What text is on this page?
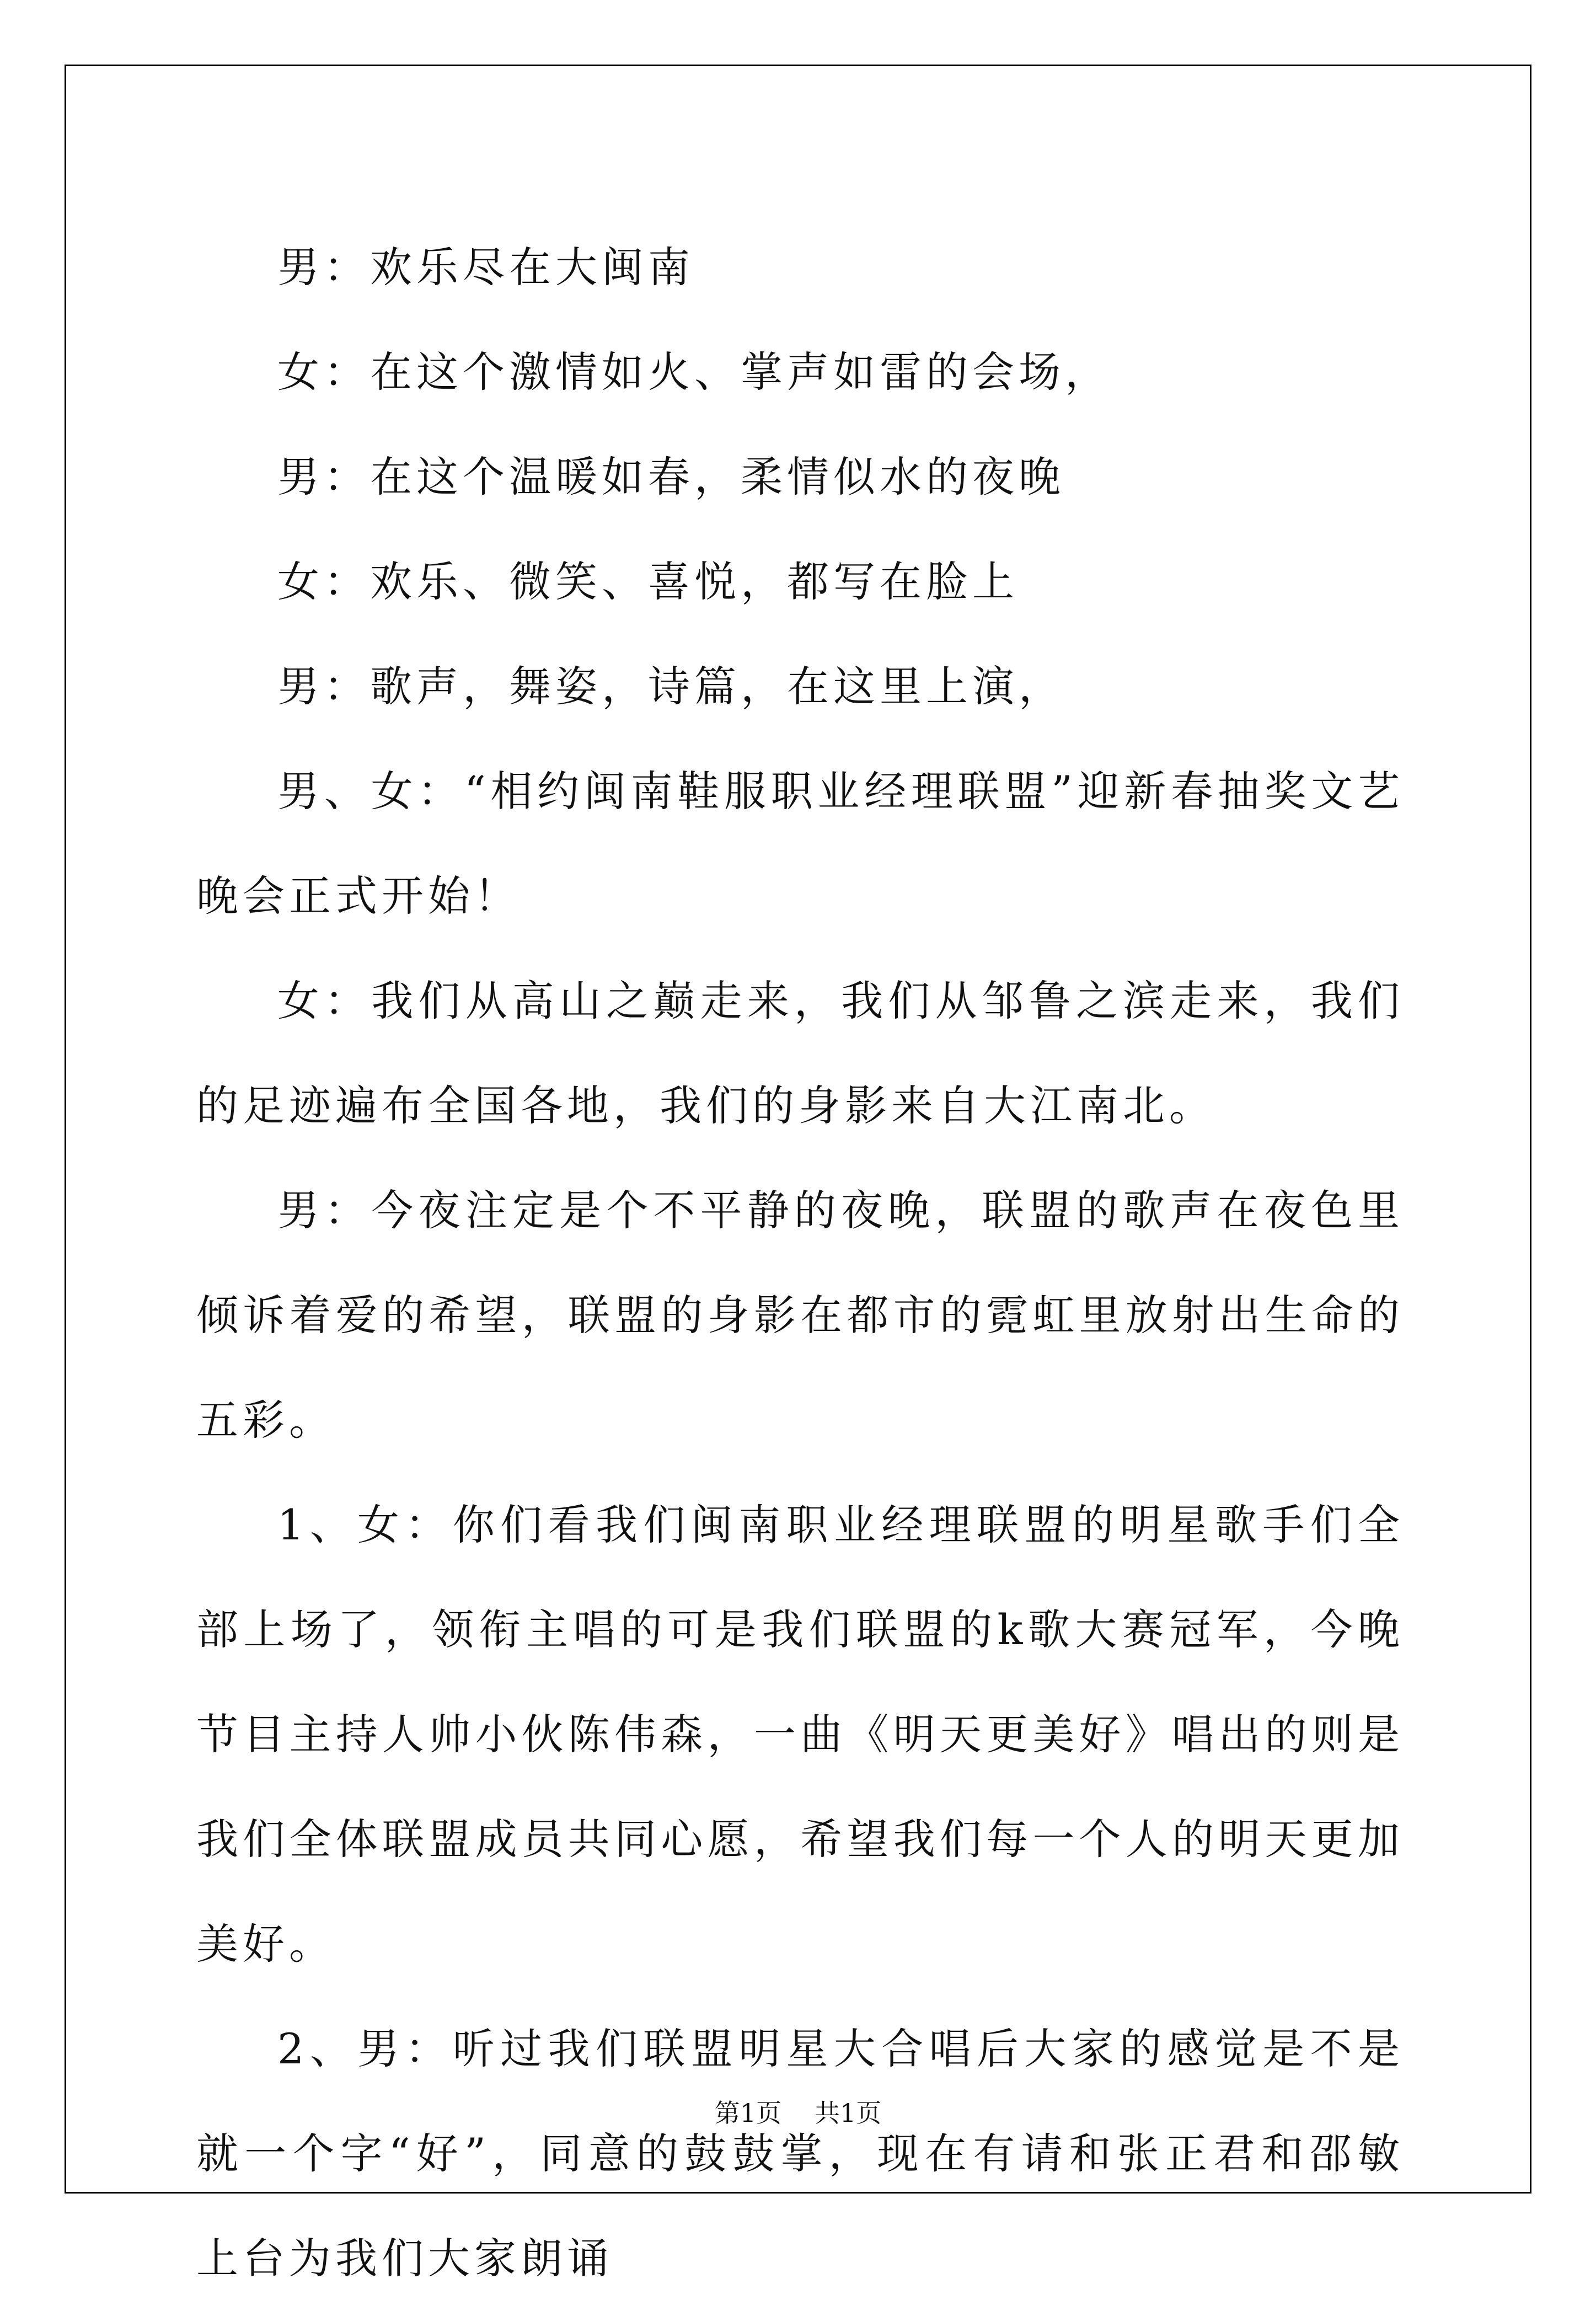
男：欢乐尽在大闽南

女：在这个激情如火、掌声如雷的会场，

男：在这个温暖如春，柔情似水的夜晚

女：欢乐、微笑、喜悦，都写在脸上

男：歌声，舞姿，诗篇，在这里上演，

男、女：“相约闽南鞋服职业经理联盟”迎新春抽奖文艺晚会正式开始！

女：我们从高山之巅走来，我们从邹鲁之滨走来，我们的足迹遍布全国各地，我们的身影来自大江南北。

男：今夜注定是个不平静的夜晚，联盟的歌声在夜色里倾诉着爱的希望，联盟的身影在都市的霓虹里放射出生命的五彩。

1、女：你们看我们闽南职业经理联盟的明星歌手们全部上场了，领衔主唱的可是我们联盟的k歌大赛冠军，今晚节目主持人帅小伙陈伟森，一曲《明天更美好》唱出的则是我们全体联盟成员共同心愿，希望我们每一个人的明天更加美好。

2、男：听过我们联盟明星大合唱后大家的感觉是不是就一个字“好”，同意的鼓鼓掌，现在有请和张正君和邵敏上台为我们大家朗诵

第1页 共1页
